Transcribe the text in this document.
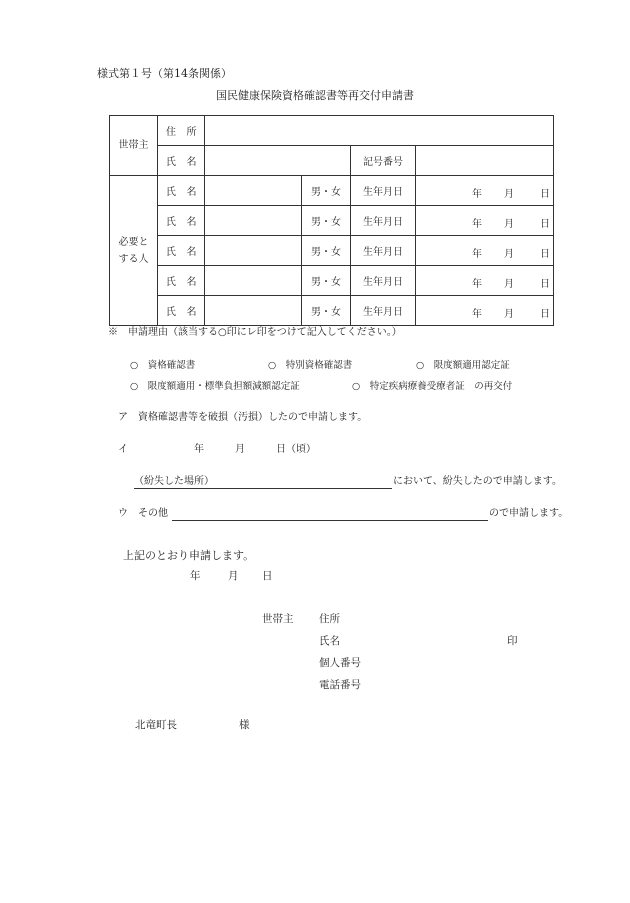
様式第１号（第14条関係）
国民健康保険資格確認書等再交付申請書
世帯主	住　 所				
	氏　 名			記号番号	
必要と
する人	氏　 名		男・女	生年月日	年 月 日

	氏　 名		男・女	生年月日	年 月 日

	氏　 名		男・女	生年月日	年 月 日

	氏　 名		男・女	生年月日	年 月 日

	氏　 名		男・女	生年月日	年 月 日
※　申請理由（該当する○印にレ印をつけて記入してください。）
○　資格確認書	○　特別資格確認書	○　限度額適用認定証
○　限度額適用・標準負担額減額認定証	○　特定疾病療養受療者証　の再交付
ア　資格確認書等を破損（汚損）したので申請します。
イ	年	月	日（頃）
（紛失した場所）	において、紛失したので申請します。
ウ　その他	ので申請します。
上記のとおり申請します。
年	月 日
世帯主 住所
氏名	印
個人番号
電話番号
北竜町長	様
